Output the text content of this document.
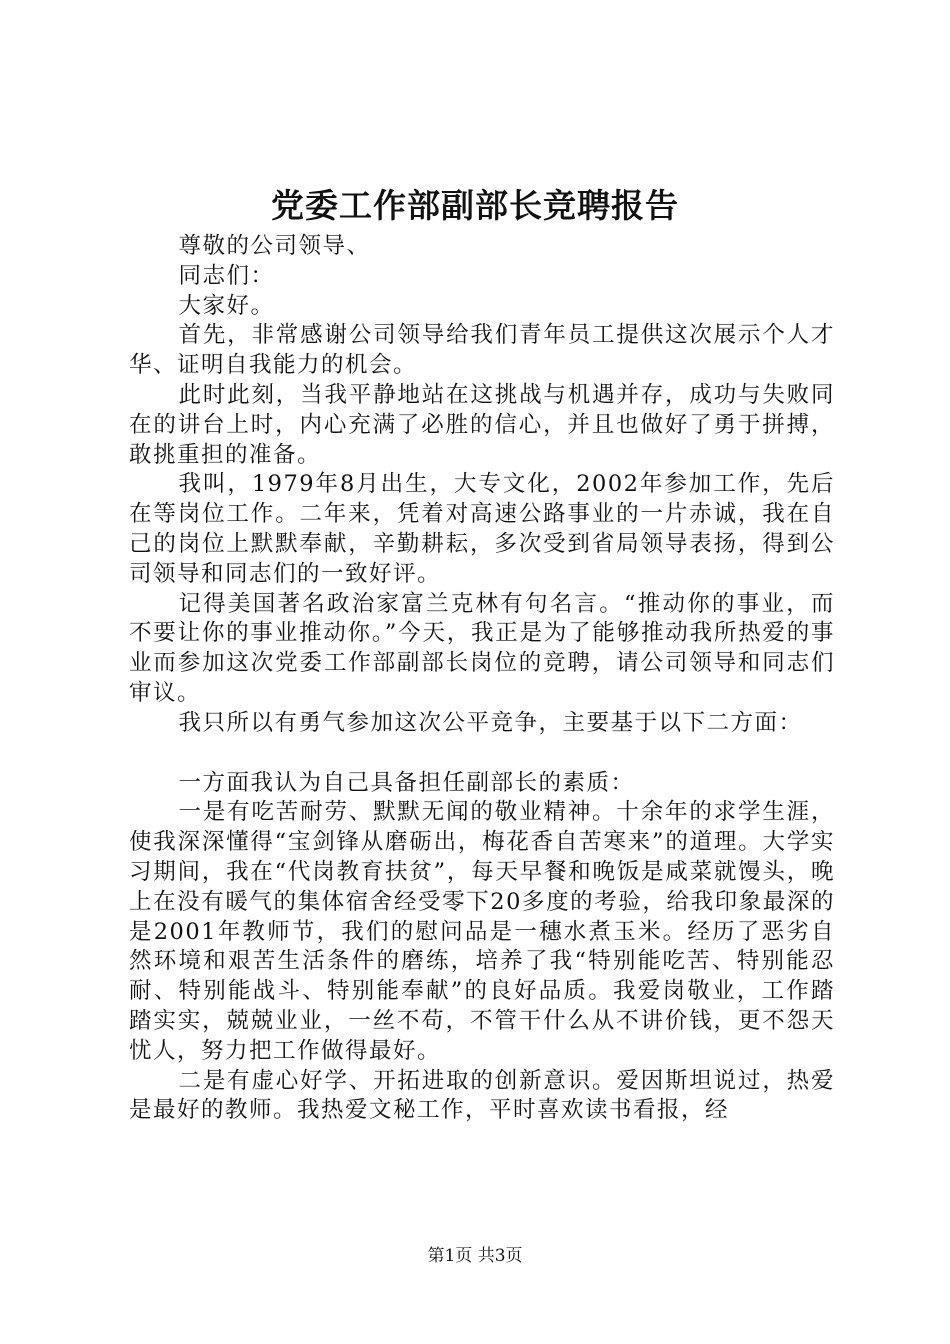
党委工作部副部长竞聘报告

尊敬的公司领导、

同志们：

大家好。

首先，非常感谢公司领导给我们青年员工提供这次展示个人才华、证明自我能力的机会。

此时此刻，当我平静地站在这挑战与机遇并存，成功与失败同在的讲台上时，内心充满了必胜的信心，并且也做好了勇于拼搏，敢挑重担的准备。

我叫，1979年8月出生，大专文化，2002年参加工作，先后在等岗位工作。二年来，凭着对高速公路事业的一片赤诚，我在自己的岗位上默默奉献，辛勤耕耘，多次受到省局领导表扬，得到公司领导和同志们的一致好评。

记得美国著名政治家富兰克林有句名言。“推动你的事业，而不要让你的事业推动你。”今天，我正是为了能够推动我所热爱的事业而参加这次党委工作部副部长岗位的竞聘，请公司领导和同志们审议。

我只所以有勇气参加这次公平竞争，主要基于以下二方面：

一方面我认为自己具备担任副部长的素质：

一是有吃苦耐劳、默默无闻的敬业精神。十余年的求学生涯，使我深深懂得“宝剑锋从磨砺出，梅花香自苦寒来”的道理。大学实习期间，我在“代岗教育扶贫”，每天早餐和晚饭是咸菜就馒头，晚上在没有暖气的集体宿舍经受零下20多度的考验，给我印象最深的是2001年教师节，我们的慰问品是一穗水煮玉米。经历了恶劣自然环境和艰苦生活条件的磨练，培养了我“特别能吃苦、特别能忍耐、特别能战斗、特别能奉献”的良好品质。我爱岗敬业，工作踏踏实实，兢兢业业，一丝不苟，不管干什么从不讲价钱，更不怨天忧人，努力把工作做得最好。

二是有虚心好学、开拓进取的创新意识。爱因斯坦说过，热爱是最好的教师。我热爱文秘工作，平时喜欢读书看报，经

第1页 共3页
